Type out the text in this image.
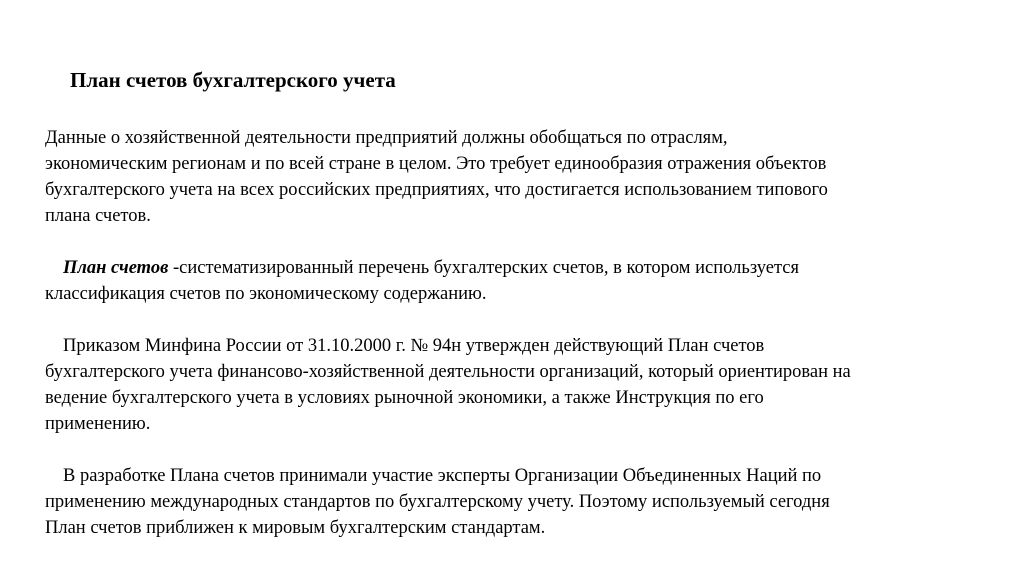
План счетов бухгалтерского учета
Данные о хозяйственной деятельности предприятий должны обобщаться по отраслям,
экономическим регионам и по всей стране в целом. Это требует единообразия отражения объектов
бухгалтерского учета на всех российских предприятиях, что достигается использованием типового
плана счетов.
План счетов -систематизированный перечень бухгалтерских счетов, в котором используется
классификация счетов по экономическому содержанию.
Приказом Минфина России от 31.10.2000 г. № 94н утвержден действующий План счетов
бухгалтерского учета финансово-хозяйственной деятельности организаций, который ориентирован на
ведение бухгалтерского учета в условиях рыночной экономики, а также Инструкция по его
применению.
В разработке Плана счетов принимали участие эксперты Организации Объединенных Наций по
применению международных стандартов по бухгалтерскому учету. Поэтому используемый сегодня
План счетов приближен к мировым бухгалтерским стандартам.
